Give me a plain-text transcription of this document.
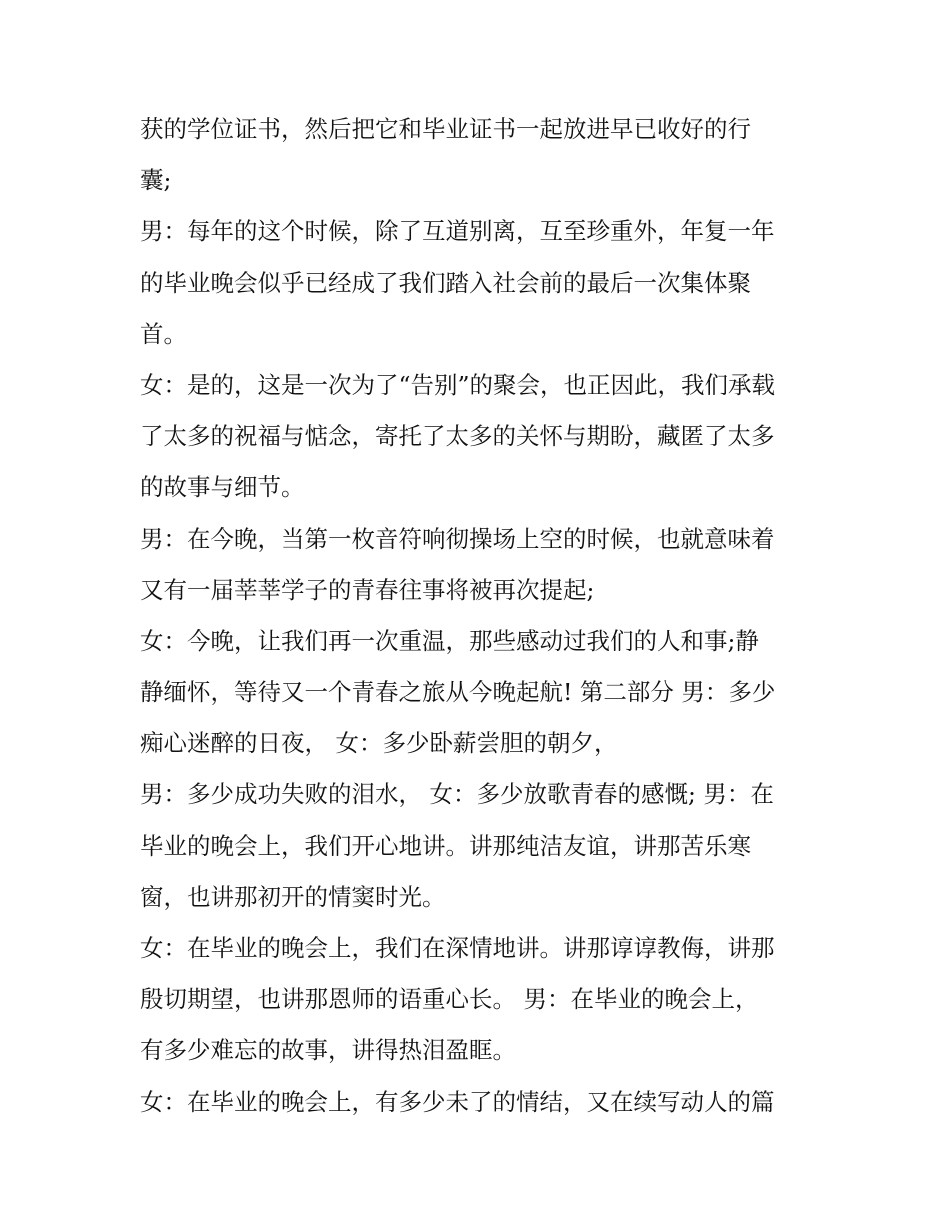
获的学位证书，然后把它和毕业证书一起放进早已收好的行
囊;
男：每年的这个时候，除了互道别离，互至珍重外，年复一年
的毕业晚会似乎已经成了我们踏入社会前的最后一次集体聚
首。
女：是的，这是一次为了“告别”的聚会，也正因此，我们承载
了太多的祝福与惦念，寄托了太多的关怀与期盼，藏匿了太多
的故事与细节。
男：在今晚，当第一枚音符响彻操场上空的时候，也就意味着
又有一届莘莘学子的青春往事将被再次提起;
女：今晚，让我们再一次重温，那些感动过我们的人和事;静
静缅怀，等待又一个青春之旅从今晚起航! 第二部分 男：多少
痴心迷醉的日夜， 女：多少卧薪尝胆的朝夕，
男：多少成功失败的泪水， 女：多少放歌青春的感慨; 男：在
毕业的晚会上，我们开心地讲。讲那纯洁友谊，讲那苦乐寒
窗，也讲那初开的情窦时光。
女：在毕业的晚会上，我们在深情地讲。讲那谆谆教侮，讲那
殷切期望，也讲那恩师的语重心长。 男：在毕业的晚会上，
有多少难忘的故事，讲得热泪盈眶。
女：在毕业的晚会上，有多少未了的情结，又在续写动人的篇
